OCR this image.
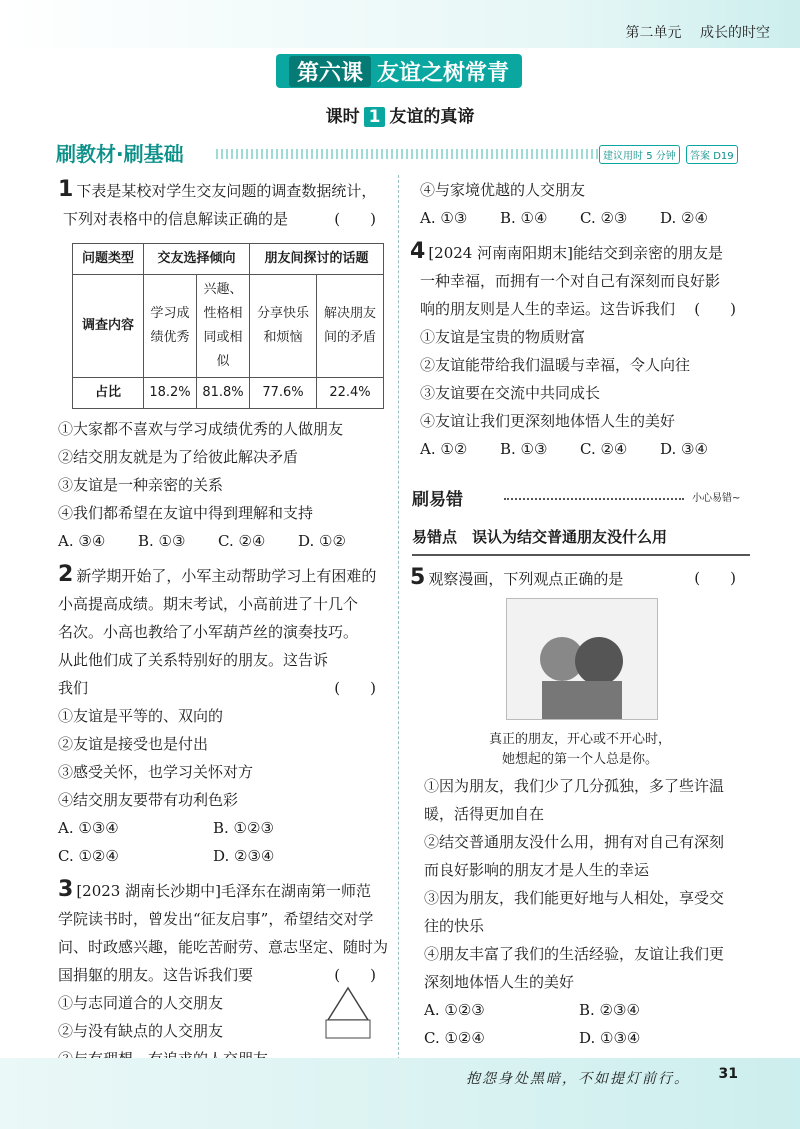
第二单元 成长的时空
第六课 友谊之树常青
课时 1 友谊的真谛
刷教材·刷基础	建议用时 5 分钟	答案 D19
1 下表是某校对学生交友问题的调查数据统计，
下列对表格中的信息解读正确的是	(　　)
问题类型	交友选择倾向		朋友间探讨的话题	
调查内容	学习成绩优秀	兴趣、性格相同或相似	分享快乐和烦恼	解决朋友间的矛盾
占比	18.2%	81.8%	77.6%	22.4%
①大家都不喜欢与学习成绩优秀的人做朋友
②结交朋友就是为了给彼此解决矛盾
③友谊是一种亲密的关系
④我们都希望在友谊中得到理解和支持
A. ③④	B. ①③	C. ②④	D. ①②
2 新学期开始了，小军主动帮助学习上有困难的
小高提高成绩。期末考试，小高前进了十几个
名次。小高也教给了小军葫芦丝的演奏技巧。
从此他们成了关系特别好的朋友。这告诉
我们	(　　)
①友谊是平等的、双向的
②友谊是接受也是付出
③感受关怀，也学习关怀对方
④结交朋友要带有功利色彩
A. ①③④	B. ①②③
C. ①②④	D. ②③④
3 [2023 湖南长沙期中]毛泽东在湖南第一师范
学院读书时，曾发出“征友启事”，希望结交对学
问、时政感兴趣，能吃苦耐劳、意志坚定、随时为
国捐躯的朋友。这告诉我们要	(　　)
①与志同道合的人交朋友
②与没有缺点的人交朋友
④与家境优越的人交朋友
A. ①③	B. ①④	C. ②③	D. ②④
4 [2024 河南南阳期末]能结交到亲密的朋友是
一种幸福，而拥有一个对自己有深刻而良好影
响的朋友则是人生的幸运。这告诉我们 (　　)
①友谊是宝贵的物质财富
②友谊能带给我们温暖与幸福，令人向往
③友谊要在交流中共同成长
④友谊让我们更深刻地体悟人生的美好
A. ①②	B. ①③	C. ②④	D. ③④
刷易错	小心易错~
易错点　 误认为结交普通朋友没什么用
5 观察漫画，下列观点正确的是	(　　)
真正的朋友，开心或不开心时，
她想起的第一个人总是你。
①因为朋友，我们少了几分孤独，多了些许温
暖，活得更加自在
②结交普通朋友没什么用，拥有对自己有深刻
而良好影响的朋友才是人生的幸运
③因为朋友，我们能更好地与人相处，享受交
往的快乐
④朋友丰富了我们的生活经验，友谊让我们更
深刻地体悟人生的美好
A. ①②③	B. ②③④
C. ①②④	D. ①③④
抱怨身处黑暗，不如提灯前行。 31
